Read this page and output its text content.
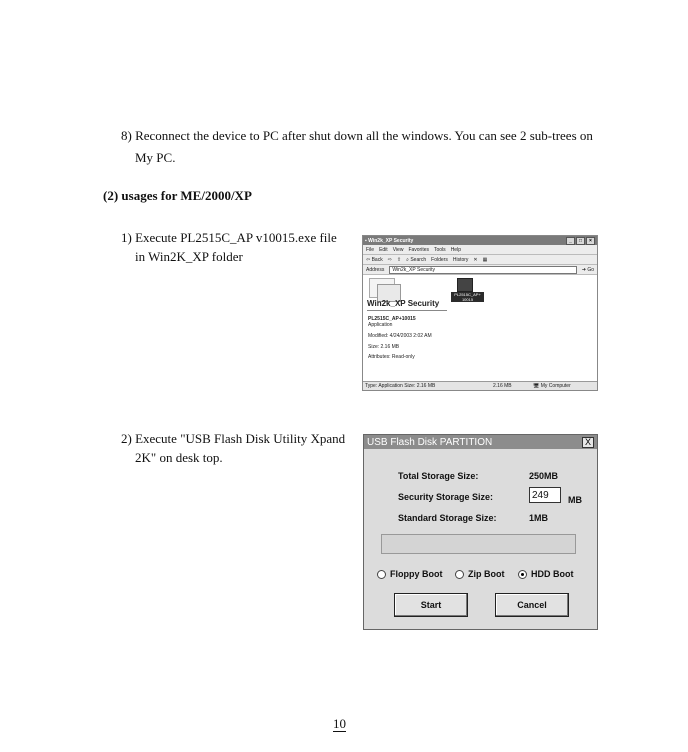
8) Reconnect the device to PC after shut down all the windows. You can see 2 sub-trees on
My PC.
(2) usages for ME/2000/XP
1) Execute PL2515C_AP v10015.exe file
in Win2K_XP folder
2) Execute "USB Flash Disk Utility Xpand
2K" on desk top.
▪ Win2k_XP Security	_	□	×
File Edit View Favorites Tools Help
⇦ Back ⇨ ⇧ ⌕ Search Folders History ✕ ▦
Address Win2k_XP Security	➜ Go
Win2k_XP Security
PL2515C_AP+10015
Application
Modified: 4/24/2003 2:02 AM
Size: 2.16 MB
Attributes: Read-only
PL2515C_AP+ 10015
Type: Application Size: 2.16 MB	2.16 MB	🖥 My Computer
USB Flash Disk PARTITION	X
Total Storage Size:	250MB
Security Storage Size:	249	MB
Standard Storage Size:	1MB
Floppy Boot	Zip Boot	HDD Boot
Start	Cancel
10
